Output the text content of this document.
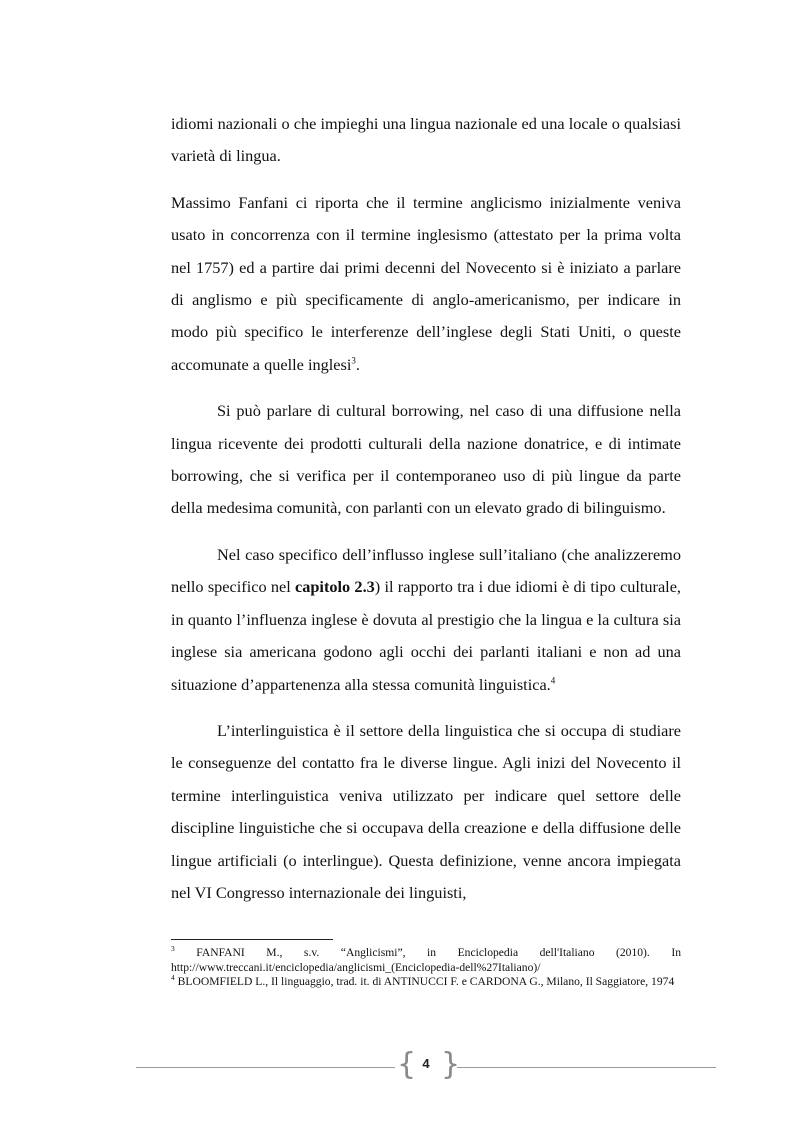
idiomi nazionali o che impieghi una lingua nazionale ed una locale o qualsiasi varietà di lingua.

Massimo Fanfani ci riporta che il termine anglicismo inizialmente veniva usato in concorrenza con il termine inglesismo (attestato per la prima volta nel 1757) ed a partire dai primi decenni del Novecento si è iniziato a parlare di anglismo e più specificamente di anglo-americanismo, per indicare in modo più specifico le interferenze dell’inglese degli Stati Uniti, o queste accomunate a quelle inglesi$^3$.

Si può parlare di cultural borrowing, nel caso di una diffusione nella lingua ricevente dei prodotti culturali della nazione donatrice, e di intimate borrowing, che si verifica per il contemporaneo uso di più lingue da parte della medesima comunità, con parlanti con un elevato grado di bilinguismo.

Nel caso specifico dell’influsso inglese sull’italiano (che analizzeremo nello specifico nel capitolo 2.3) il rapporto tra i due idiomi è di tipo culturale, in quanto l’influenza inglese è dovuta al prestigio che la lingua e la cultura sia inglese sia americana godono agli occhi dei parlanti italiani e non ad una situazione d’appartenenza alla stessa comunità linguistica.$^4$

L’interlinguistica è il settore della linguistica che si occupa di studiare le conseguenze del contatto fra le diverse lingue. Agli inizi del Novecento il termine interlinguistica veniva utilizzato per indicare quel settore delle discipline linguistiche che si occupava della creazione e della diffusione delle lingue artificiali (o interlingue). Questa definizione, venne ancora impiegata nel VI Congresso internazionale dei linguisti,

$^3$ FANFANI M., s.v. “Anglicismi”, in Enciclopedia dell'Italiano (2010). In http://www.treccani.it/enciclopedia/anglicismi_(Enciclopedia-dell%27Italiano)/

$^4$ BLOOMFIELD L., Il linguaggio, trad. it. di ANTINUCCI F. e CARDONA G., Milano, Il Saggiatore, 1974

{ 4 }
